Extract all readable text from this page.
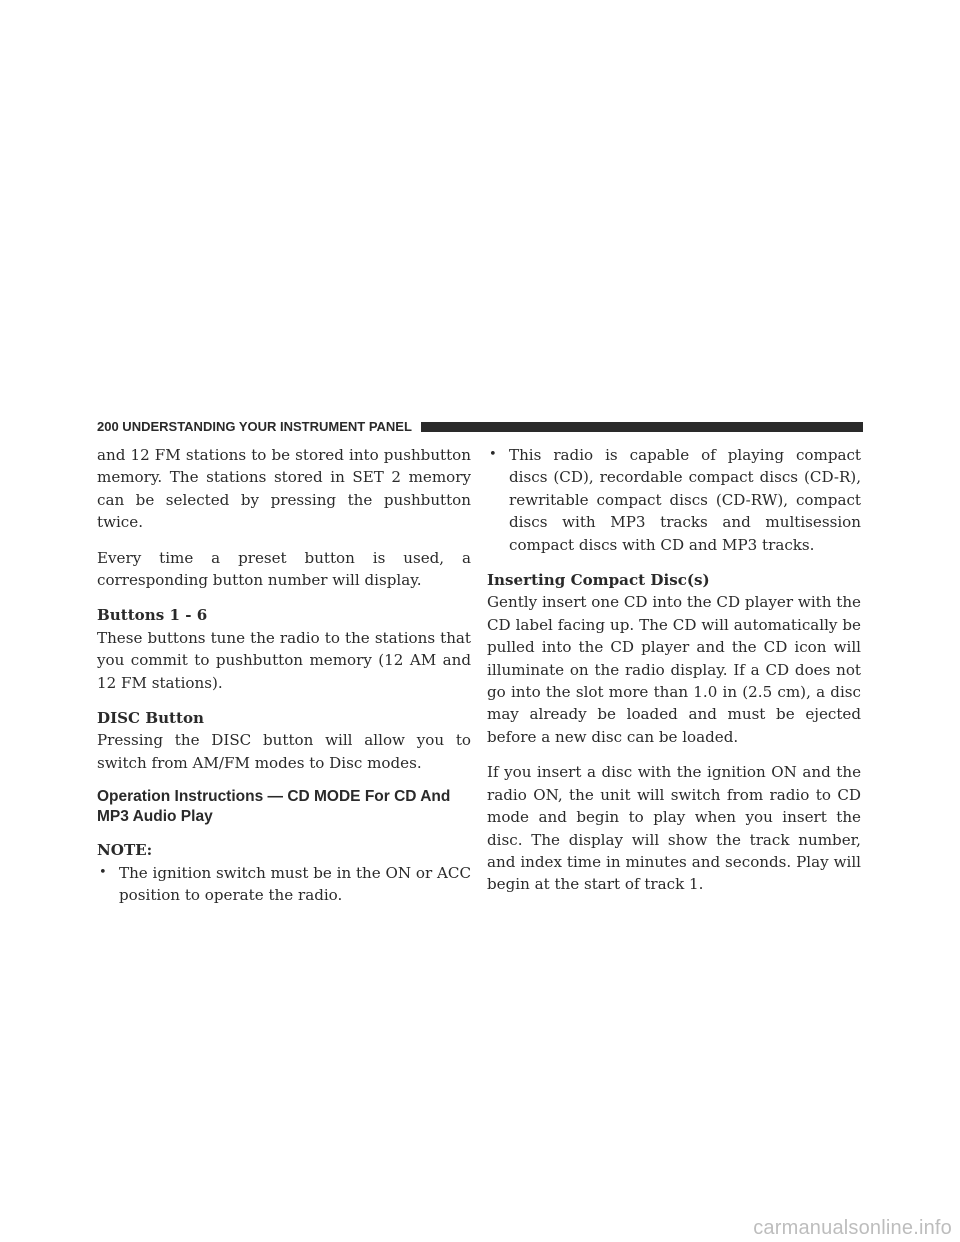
200 UNDERSTANDING YOUR INSTRUMENT PANEL

and 12 FM stations to be stored into pushbutton memory. The stations stored in SET 2 memory can be selected by pressing the pushbutton twice.

Every time a preset button is used, a corresponding button number will display.

Buttons 1 - 6

These buttons tune the radio to the stations that you commit to pushbutton memory (12 AM and 12 FM stations).

DISC Button

Pressing the DISC button will allow you to switch from AM/FM modes to Disc modes.

Operation Instructions — CD MODE For CD And MP3 Audio Play
NOTE:
• The ignition switch must be in the ON or ACC position to operate the radio.
• This radio is capable of playing compact discs (CD), recordable compact discs (CD-R), rewritable compact discs (CD-RW), compact discs with MP3 tracks and multisession compact discs with CD and MP3 tracks.
Inserting Compact Disc(s)

Gently insert one CD into the CD player with the CD label facing up. The CD will automatically be pulled into the CD player and the CD icon will illuminate on the radio display. If a CD does not go into the slot more than 1.0 in (2.5 cm), a disc may already be loaded and must be ejected before a new disc can be loaded.

If you insert a disc with the ignition ON and the radio ON, the unit will switch from radio to CD mode and begin to play when you insert the disc. The display will show the track number, and index time in minutes and seconds. Play will begin at the start of track 1.

carmanualsonline.info
